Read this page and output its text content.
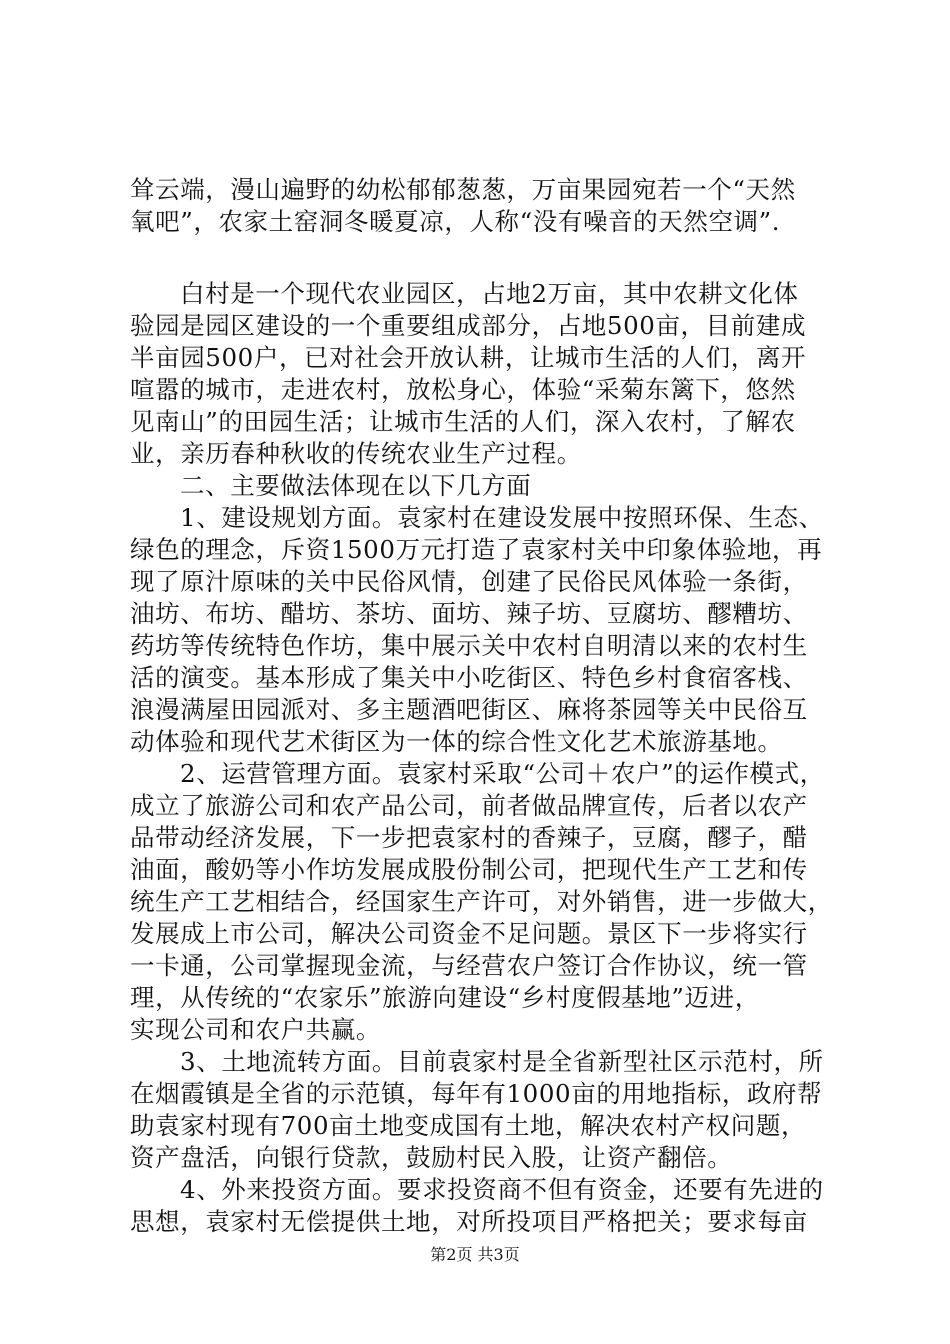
耸云端，漫山遍野的幼松郁郁葱葱，万亩果园宛若一个“天然
氧吧”，农家土窑洞冬暖夏凉，人称“没有噪音的天然空调”.
白村是一个现代农业园区，占地2万亩，其中农耕文化体
验园是园区建设的一个重要组成部分，占地500亩，目前建成
半亩园500户，已对社会开放认耕，让城市生活的人们，离开
喧嚣的城市，走进农村，放松身心，体验“采菊东篱下，悠然
见南山”的田园生活；让城市生活的人们，深入农村，了解农
业，亲历春种秋收的传统农业生产过程。
二、主要做法体现在以下几方面
1、建设规划方面。袁家村在建设发展中按照环保、生态、
绿色的理念，斥资1500万元打造了袁家村关中印象体验地，再
现了原汁原味的关中民俗风情，创建了民俗民风体验一条街，
油坊、布坊、醋坊、茶坊、面坊、辣子坊、豆腐坊、醪糟坊、
药坊等传统特色作坊，集中展示关中农村自明清以来的农村生
活的演变。基本形成了集关中小吃街区、特色乡村食宿客栈、
浪漫满屋田园派对、多主题酒吧街区、麻将茶园等关中民俗互
动体验和现代艺术街区为一体的综合性文化艺术旅游基地。
2、运营管理方面。袁家村采取“公司＋农户”的运作模式，
成立了旅游公司和农产品公司，前者做品牌宣传，后者以农产
品带动经济发展，下一步把袁家村的香辣子，豆腐，醪子，醋
油面，酸奶等小作坊发展成股份制公司，把现代生产工艺和传
统生产工艺相结合，经国家生产许可，对外销售，进一步做大，
发展成上市公司，解决公司资金不足问题。景区下一步将实行
一卡通，公司掌握现金流，与经营农户签订合作协议，统一管
理，从传统的“农家乐”旅游向建设“乡村度假基地”迈进，
实现公司和农户共赢。
3、土地流转方面。目前袁家村是全省新型社区示范村，所
在烟霞镇是全省的示范镇，每年有1000亩的用地指标，政府帮
助袁家村现有700亩土地变成国有土地，解决农村产权问题，
资产盘活，向银行贷款，鼓励村民入股，让资产翻倍。
4、外来投资方面。要求投资商不但有资金，还要有先进的
思想，袁家村无偿提供土地，对所投项目严格把关；要求每亩
第2页 共3页
